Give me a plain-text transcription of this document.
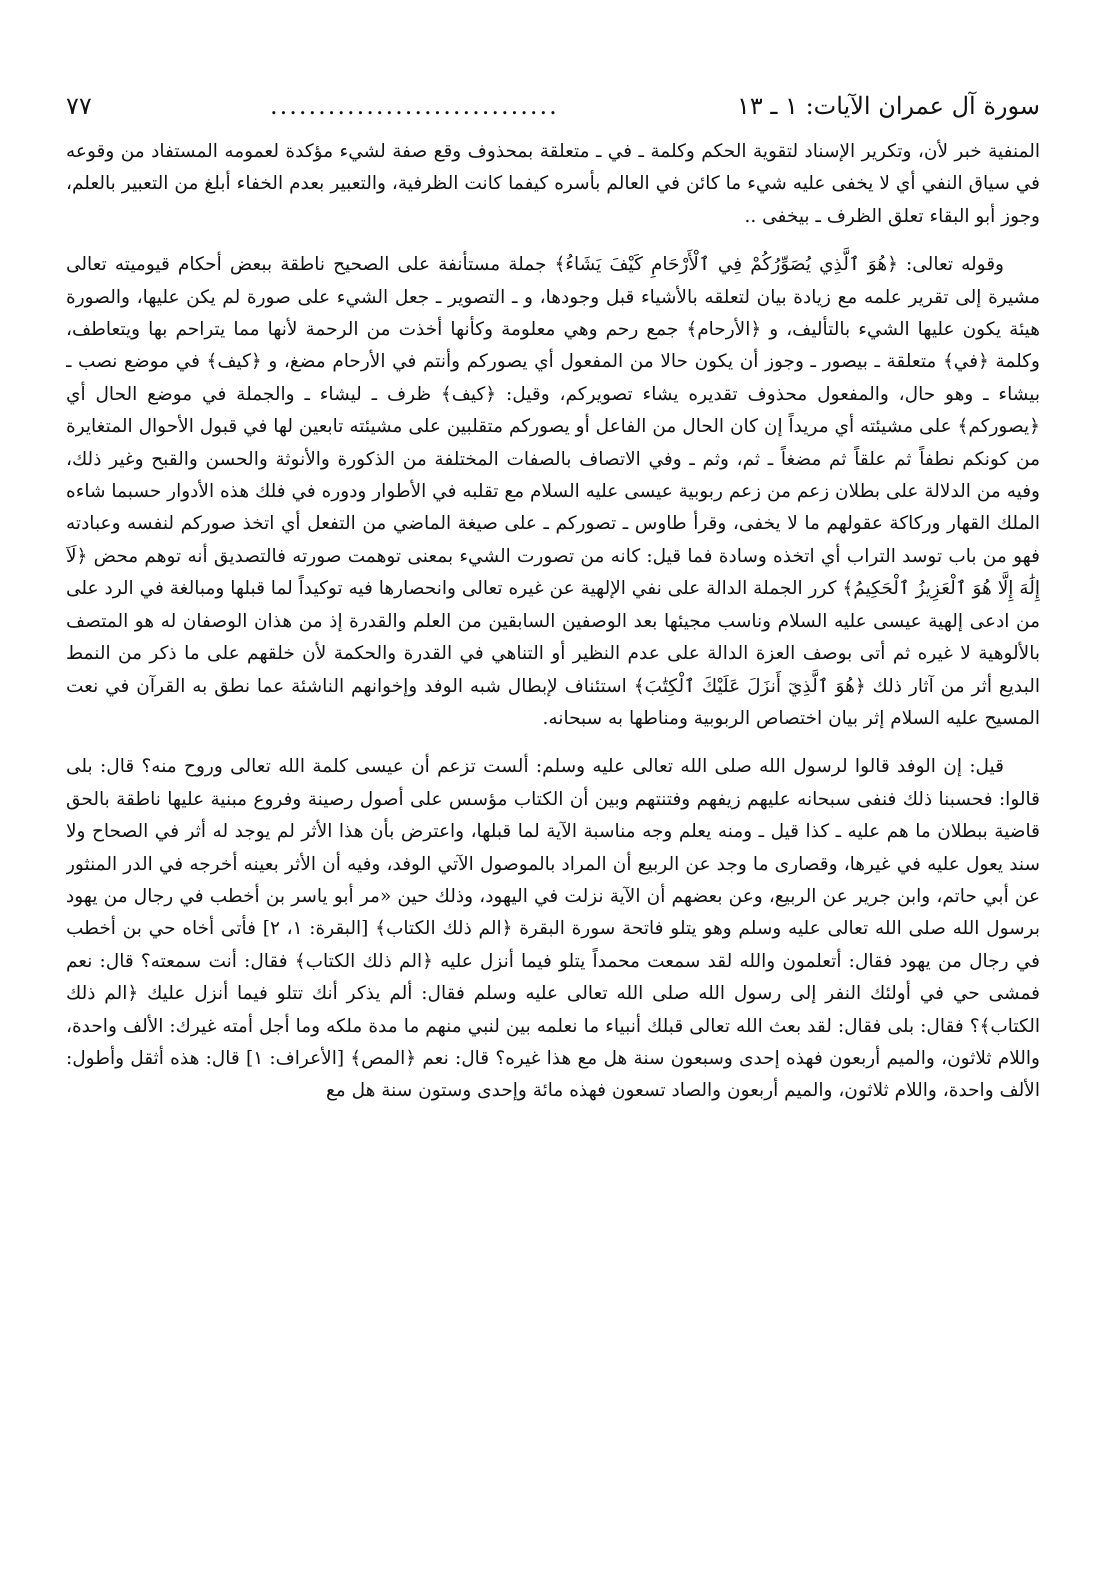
سورة آل عمران الآيات: ١ ـ ١٣
..............................
٧٧

المنفية خبر لأن، وتكرير الإسناد لتقوية الحكم وكلمة ـ في ـ متعلقة بمحذوف وقع صفة لشيء مؤكدة لعمومه المستفاد من وقوعه في سياق النفي أي لا يخفى عليه شيء ما كائن في العالم بأسره كيفما كانت الظرفية، والتعبير بعدم الخفاء أبلغ من التعبير بالعلم، وجوز أبو البقاء تعلق الظرف ـ بيخفى ..

وقوله تعالى: ﴿هُوَ ٱلَّذِي يُصَوِّرُكُمْ فِي ٱلْأَرْحَامِ كَيْفَ يَشَاءُ﴾ جملة مستأنفة على الصحيح ناطقة ببعض أحكام قيوميته تعالى مشيرة إلى تقرير علمه مع زيادة بيان لتعلقه بالأشياء قبل وجودها، و ـ التصوير ـ جعل الشيء على صورة لم يكن عليها، والصورة هيئة يكون عليها الشيء بالتأليف، و ﴿الأرحام﴾ جمع رحم وهي معلومة وكأنها أخذت من الرحمة لأنها مما يتراحم بها ويتعاطف، وكلمة ﴿في﴾ متعلقة ـ بيصور ـ وجوز أن يكون حالا من المفعول أي يصوركم وأنتم في الأرحام مضغ، و ﴿كيف﴾ في موضع نصب ـ بيشاء ـ وهو حال، والمفعول محذوف تقديره يشاء تصويركم، وقيل: ﴿كيف﴾ ظرف ـ ليشاء ـ والجملة في موضع الحال أي ﴿يصوركم﴾ على مشيئته أي مريداً إن كان الحال من الفاعل أو يصوركم متقلبين على مشيئته تابعين لها في قبول الأحوال المتغايرة من كونكم نطفاً ثم علقاً ثم مضغاً ـ ثم، وثم ـ وفي الاتصاف بالصفات المختلفة من الذكورة والأنوثة والحسن والقبح وغير ذلك، وفيه من الدلالة على بطلان زعم من زعم ربوبية عيسى عليه السلام مع تقلبه في الأطوار ودوره في فلك هذه الأدوار حسبما شاءه الملك القهار وركاكة عقولهم ما لا يخفى، وقرأ طاوس ـ تصوركم ـ على صيغة الماضي من التفعل أي اتخذ صوركم لنفسه وعبادته فهو من باب توسد التراب أي اتخذه وسادة فما قيل: كانه من تصورت الشيء بمعنى توهمت صورته فالتصديق أنه توهم محض ﴿لَآ إِلَٰهَ إِلَّا هُوَ ٱلْعَزِيزُ ٱلْحَكِيمُ﴾ كرر الجملة الدالة على نفي الإلهية عن غيره تعالى وانحصارها فيه توكيداً لما قبلها ومبالغة في الرد على من ادعى إلهية عيسى عليه السلام وناسب مجيئها بعد الوصفين السابقين من العلم والقدرة إذ من هذان الوصفان له هو المتصف بالألوهية لا غيره ثم أتى بوصف العزة الدالة على عدم النظير أو التناهي في القدرة والحكمة لأن خلقهم على ما ذكر من النمط البديع أثر من آثار ذلك ﴿هُوَ ٱلَّذِيٓ أَنزَلَ عَلَيْكَ ٱلْكِتَٰبَ﴾ استئناف لإبطال شبه الوفد وإخوانهم الناشئة عما نطق به القرآن في نعت المسيح عليه السلام إثر بيان اختصاص الربوبية ومناطها به سبحانه.

قيل: إن الوفد قالوا لرسول الله صلى الله تعالى عليه وسلم: ألست تزعم أن عيسى كلمة الله تعالى وروح منه؟ قال: بلى قالوا: فحسبنا ذلك فنفى سبحانه عليهم زيفهم وفتنتهم وبين أن الكتاب مؤسس على أصول رصينة وفروع مبنية عليها ناطقة بالحق قاضية ببطلان ما هم عليه ـ كذا قيل ـ ومنه يعلم وجه مناسبة الآية لما قبلها، واعترض بأن هذا الأثر لم يوجد له أثر في الصحاح ولا سند يعول عليه في غيرها، وقصارى ما وجد عن الربيع أن المراد بالموصول الآتي الوفد، وفيه أن الأثر بعينه أخرجه في الدر المنثور عن أبي حاتم، وابن جرير عن الربيع، وعن بعضهم أن الآية نزلت في اليهود، وذلك حين «مر أبو ياسر بن أخطب في رجال من يهود برسول الله صلى الله تعالى عليه وسلم وهو يتلو فاتحة سورة البقرة ﴿الم ذلك الكتاب﴾ [البقرة: ١، ٢] فأتى أخاه حي بن أخطب في رجال من يهود فقال: أتعلمون والله لقد سمعت محمداً يتلو فيما أنزل عليه ﴿الم ذلك الكتاب﴾ فقال: أنت سمعته؟ قال: نعم فمشى حي في أولئك النفر إلى رسول الله صلى الله تعالى عليه وسلم فقال: ألم يذكر أنك تتلو فيما أنزل عليك ﴿الم ذلك الكتاب﴾؟ فقال: بلى فقال: لقد بعث الله تعالى قبلك أنبياء ما نعلمه بين لنبي منهم ما مدة ملكه وما أجل أمته غيرك: الألف واحدة، واللام ثلاثون، والميم أربعون فهذه إحدى وسبعون سنة هل مع هذا غيره؟ قال: نعم ﴿المص﴾ [الأعراف: ١] قال: هذه أثقل وأطول: الألف واحدة، واللام ثلاثون، والميم أربعون والصاد تسعون فهذه مائة وإحدى وستون سنة هل مع
